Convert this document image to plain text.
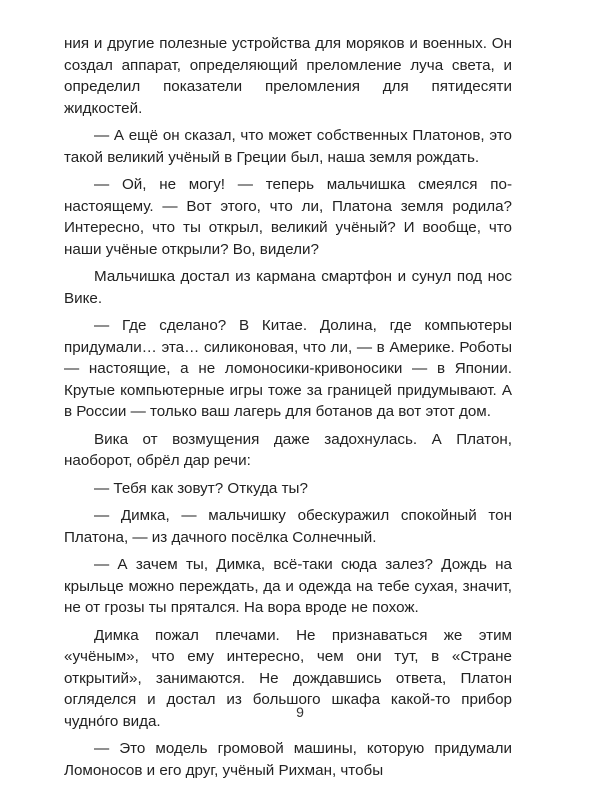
ния и другие полезные устройства для моряков и военных. Он создал аппарат, определяющий преломление луча света, и определил показатели преломления для пятидесяти жидкостей.

— А ещё он сказал, что может собственных Платонов, это такой великий учёный в Греции был, наша земля рождать.

— Ой, не могу! — теперь мальчишка смеялся по-настоящему. — Вот этого, что ли, Платона земля родила? Интересно, что ты открыл, великий учёный? И вообще, что наши учёные открыли? Во, видели?

Мальчишка достал из кармана смартфон и сунул под нос Вике.

— Где сделано? В Китае. Долина, где компьютеры придумали… эта… силиконовая, что ли, — в Америке. Роботы — настоящие, а не ломоносики-кривоносики — в Японии. Крутые компьютерные игры тоже за границей придумывают. А в России — только ваш лагерь для ботанов да вот этот дом.

Вика от возмущения даже задохнулась. А Платон, наоборот, обрёл дар речи:

— Тебя как зовут? Откуда ты?

— Димка, — мальчишку обескуражил спокойный тон Платона, — из дачного посёлка Солнечный.

— А зачем ты, Димка, всё-таки сюда залез? Дождь на крыльце можно переждать, да и одежда на тебе сухая, значит, не от грозы ты прятался. На вора вроде не похож.

Димка пожал плечами. Не признаваться же этим «учёным», что ему интересно, чем они тут, в «Стране открытий», занимаются. Не дождавшись ответа, Платон огляделся и достал из большого шкафа какой-то прибор чудно́го вида.

— Это модель громовой машины, которую придумали Ломоносов и его друг, учёный Рихман, чтобы

9
